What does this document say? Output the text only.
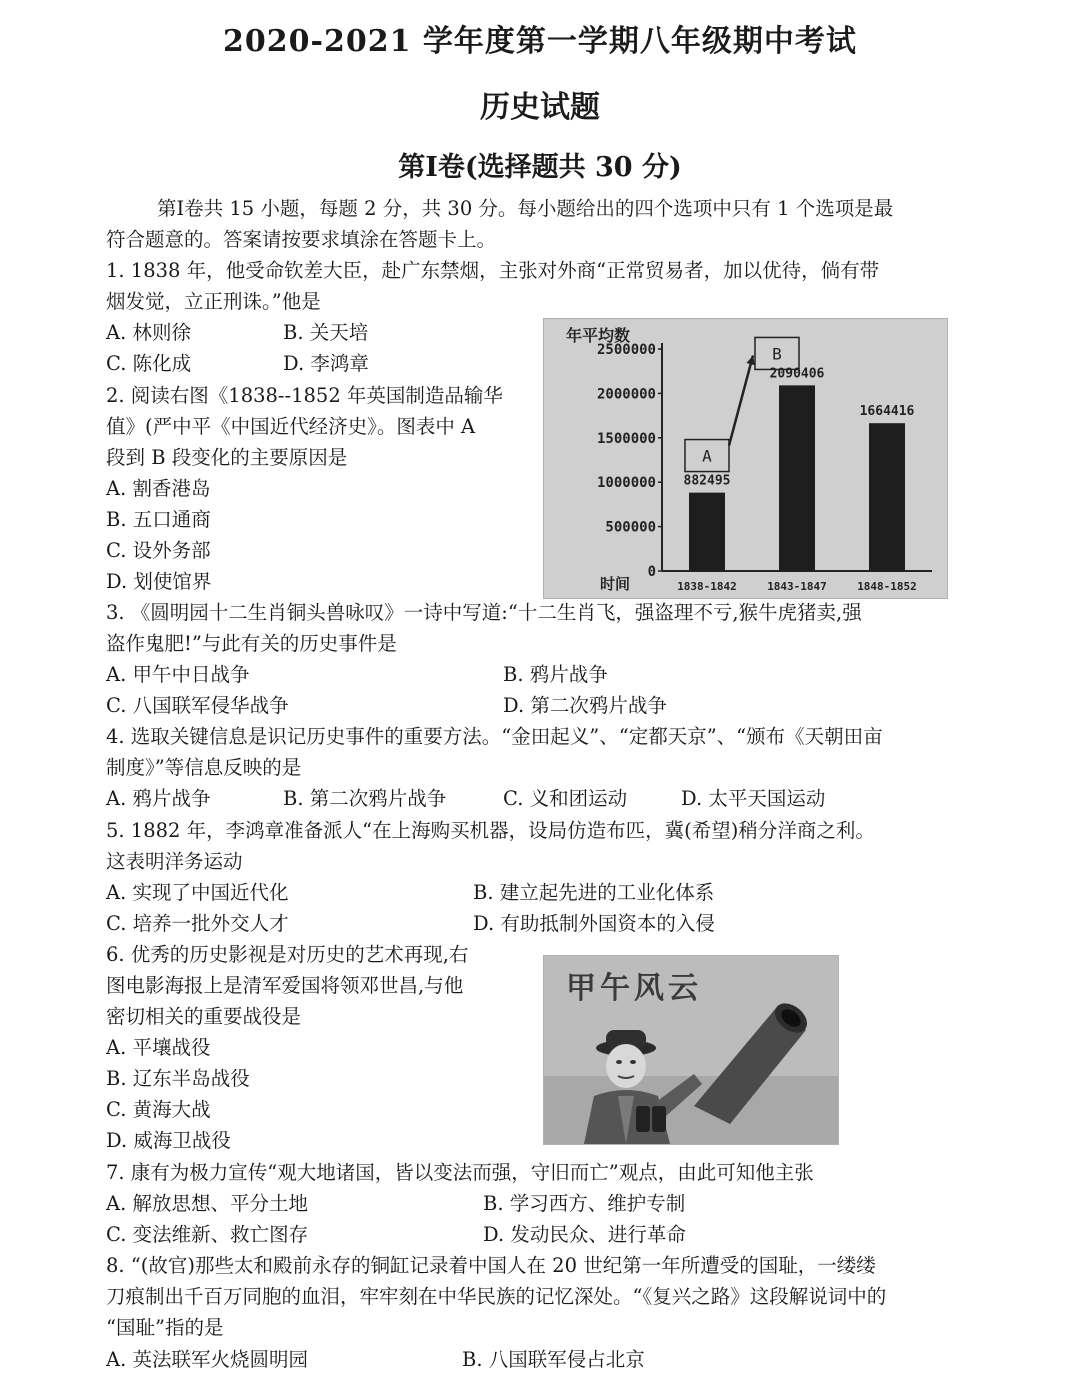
2020-2021 学年度第一学期八年级期中考试
历史试题
第Ⅰ卷(选择题共 30 分)
第Ⅰ卷共 15 小题，每题 2 分，共 30 分。每小题给出的四个选项中只有 1 个选项是最
符合题意的。答案请按要求填涂在答题卡上。
1. 1838 年，他受命钦差大臣，赴广东禁烟，主张对外商“正常贸易者，加以优待，倘有带
烟发觉，立正刑诛。”他是
A. 林则徐	B. 关天培
C. 陈化成	D. 李鸿章
2. 阅读右图《1838--1852 年英国制造品输华
值》(严中平《中国近代经济史》。图表中 A
段到 B 段变化的主要原因是
A. 割香港岛
B. 五口通商
C. 设外务部
D. 划使馆界
年平均数
时间
0
500000
1000000
1500000
2000000
2500000
882495
1838-1842
2090406
1843-1847
1664416
1848-1852
A
B
3. 《圆明园十二生肖铜头兽咏叹》一诗中写道:“十二生肖飞，强盗理不亏,猴牛虎猪卖,强
盗作鬼肥!”与此有关的历史事件是
A. 甲午中日战争	B. 鸦片战争
C. 八国联军侵华战争	D. 第二次鸦片战争
4. 选取关键信息是识记历史事件的重要方法。“金田起义”、“定都天京”、“颁布《天朝田亩
制度》”等信息反映的是
A. 鸦片战争	B. 第二次鸦片战争	C. 义和团运动	D. 太平天国运动
5. 1882 年，李鸿章准备派人“在上海购买机器，设局仿造布匹，冀(希望)稍分洋商之利。
这表明洋务运动
A. 实现了中国近代化	B. 建立起先进的工业化体系
C. 培养一批外交人才	D. 有助抵制外国资本的入侵
6. 优秀的历史影视是对历史的艺术再现,右
图电影海报上是清军爱国将领邓世昌,与他
密切相关的重要战役是
A. 平壤战役
B. 辽东半岛战役
C. 黄海大战
D. 威海卫战役
甲午风云
7. 康有为极力宣传“观大地诸国，皆以变法而强，守旧而亡”观点，由此可知他主张
A. 解放思想、平分土地	B. 学习西方、维护专制
C. 变法维新、救亡图存	D. 发动民众、进行革命
8. “(故官)那些太和殿前永存的铜缸记录着中国人在 20 世纪第一年所遭受的国耻，一缕缕
刀痕制出千百万同胞的血泪，牢牢刻在中华民族的记忆深处。“《复兴之路》这段解说词中的
“国耻”指的是
A. 英法联军火烧圆明园	B. 八国联军侵占北京
